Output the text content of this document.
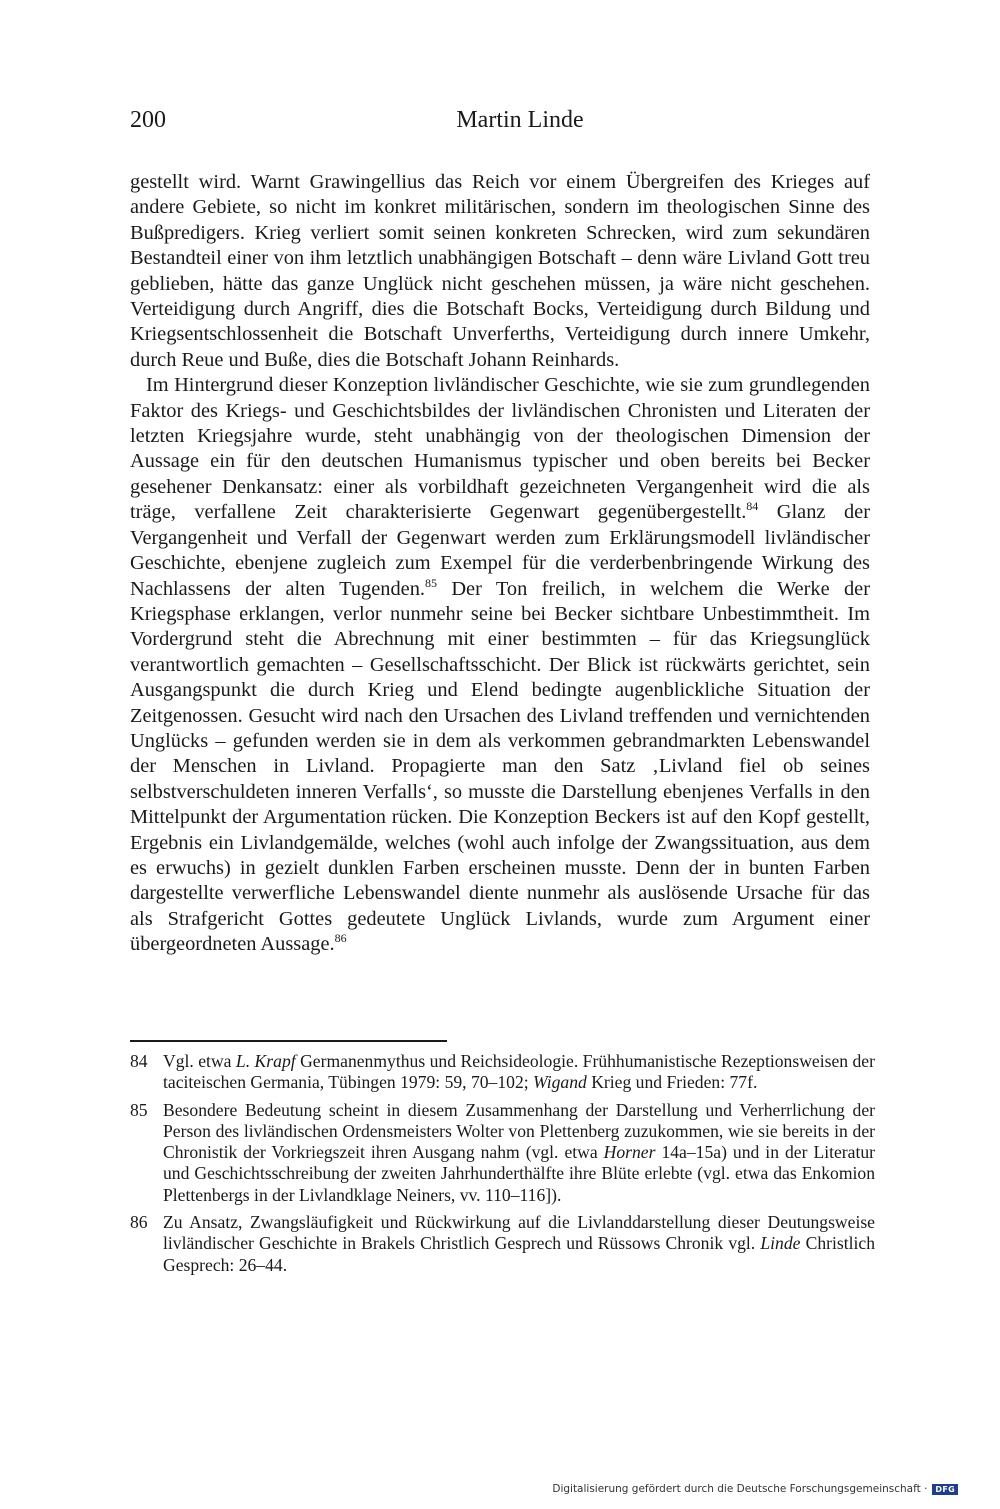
200	Martin Linde

gestellt wird. Warnt Grawingellius das Reich vor einem Übergreifen des Krieges auf andere Gebiete, so nicht im konkret militärischen, sondern im theologischen Sinne des Bußpredigers. Krieg verliert somit seinen konkreten Schrecken, wird zum sekundären Bestandteil einer von ihm letztlich unabhängigen Botschaft – denn wäre Livland Gott treu geblieben, hätte das ganze Unglück nicht geschehen müssen, ja wäre nicht geschehen. Verteidigung durch Angriff, dies die Botschaft Bocks, Verteidigung durch Bildung und Kriegsentschlossenheit die Botschaft Unverferths, Verteidigung durch innere Umkehr, durch Reue und Buße, dies die Botschaft Johann Reinhards.

Im Hintergrund dieser Konzeption livländischer Geschichte, wie sie zum grundlegenden Faktor des Kriegs- und Geschichtsbildes der livländischen Chronisten und Literaten der letzten Kriegsjahre wurde, steht unabhängig von der theologischen Dimension der Aussage ein für den deutschen Humanismus typischer und oben bereits bei Becker gesehener Denkansatz: einer als vorbildhaft gezeichneten Vergangenheit wird die als träge, verfallene Zeit charakterisierte Gegenwart gegenübergestellt.$^{84}$ Glanz der Vergangenheit und Verfall der Gegenwart werden zum Erklärungsmodell livländischer Geschichte, ebenjene zugleich zum Exempel für die verderbenbringende Wirkung des Nachlassens der alten Tugenden.$^{85}$ Der Ton freilich, in welchem die Werke der Kriegsphase erklangen, verlor nunmehr seine bei Becker sichtbare Unbestimmtheit. Im Vordergrund steht die Abrechnung mit einer bestimmten – für das Kriegsunglück verantwortlich gemachten – Gesellschaftsschicht. Der Blick ist rückwärts gerichtet, sein Ausgangspunkt die durch Krieg und Elend bedingte augenblickliche Situation der Zeitgenossen. Gesucht wird nach den Ursachen des Livland treffenden und vernichtenden Unglücks – gefunden werden sie in dem als verkommen gebrandmarkten Lebenswandel der Menschen in Livland. Propagierte man den Satz ‚Livland fiel ob seines selbstverschuldeten inneren Verfalls‘, so musste die Darstellung ebenjenes Verfalls in den Mittelpunkt der Argumentation rücken. Die Konzeption Beckers ist auf den Kopf gestellt, Ergebnis ein Livlandgemälde, welches (wohl auch infolge der Zwangssituation, aus dem es erwuchs) in gezielt dunklen Farben erscheinen musste. Denn der in bunten Farben dargestellte verwerfliche Lebenswandel diente nunmehr als auslösende Ursache für das als Strafgericht Gottes gedeutete Unglück Livlands, wurde zum Argument einer übergeordneten Aussage.$^{86}$

84 Vgl. etwa L. Krapf Germanenmythus und Reichsideologie. Frühhumanistische Rezeptionsweisen der taciteischen Germania, Tübingen 1979: 59, 70–102; Wigand Krieg und Frieden: 77f.
85 Besondere Bedeutung scheint in diesem Zusammenhang der Darstellung und Verherrlichung der Person des livländischen Ordensmeisters Wolter von Plettenberg zuzukommen, wie sie bereits in der Chronistik der Vorkriegszeit ihren Ausgang nahm (vgl. etwa Horner 14a–15a) und in der Literatur und Geschichtsschreibung der zweiten Jahrhunderthälfte ihre Blüte erlebte (vgl. etwa das Enkomion Plettenbergs in der Livlandklage Neiners, vv. 110–116]).
86 Zu Ansatz, Zwangsläufigkeit und Rückwirkung auf die Livlanddarstellung dieser Deutungsweise livländischer Geschichte in Brakels Christlich Gesprech und Rüssows Chronik vgl. Linde Christlich Gesprech: 26–44.
Digitalisierung gefördert durch die Deutsche Forschungsgemeinschaft ·	DFG
